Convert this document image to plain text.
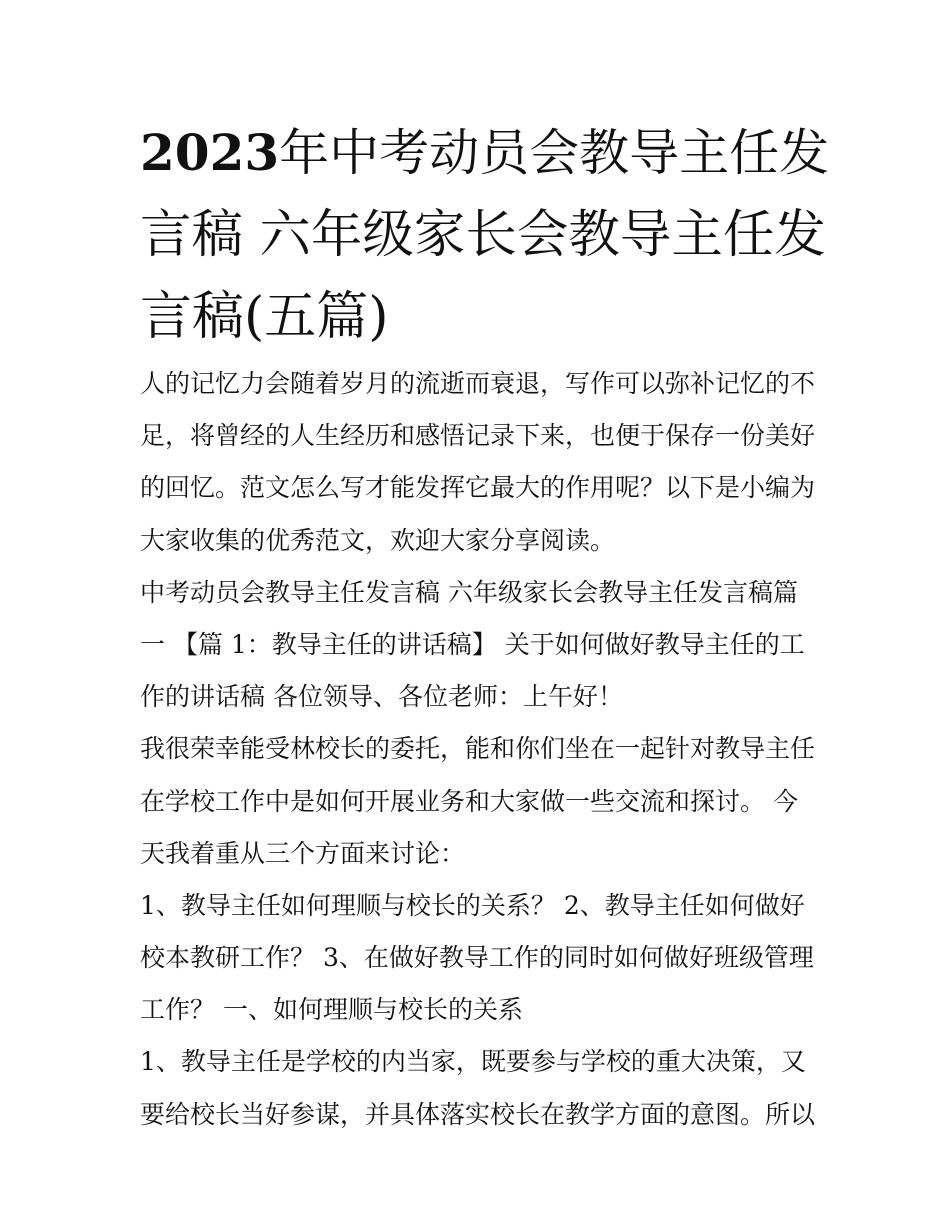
2023年中考动员会教导主任发
言稿 六年级家长会教导主任发
言稿(五篇)
人的记忆力会随着岁月的流逝而衰退，写作可以弥补记忆的不
足，将曾经的人生经历和感悟记录下来，也便于保存一份美好
的回忆。范文怎么写才能发挥它最大的作用呢？以下是小编为
大家收集的优秀范文，欢迎大家分享阅读。
中考动员会教导主任发言稿 六年级家长会教导主任发言稿篇
一 【篇 1：教导主任的讲话稿】 关于如何做好教导主任的工
作的讲话稿 各位领导、各位老师：上午好！
我很荣幸能受林校长的委托，能和你们坐在一起针对教导主任
在学校工作中是如何开展业务和大家做一些交流和探讨。 今
天我着重从三个方面来讨论：
1、教导主任如何理顺与校长的关系？ 2、教导主任如何做好
校本教研工作？ 3、在做好教导工作的同时如何做好班级管理
工作？ 一、如何理顺与校长的关系
1、教导主任是学校的内当家，既要参与学校的重大决策，又
要给校长当好参谋，并具体落实校长在教学方面的意图。所以
